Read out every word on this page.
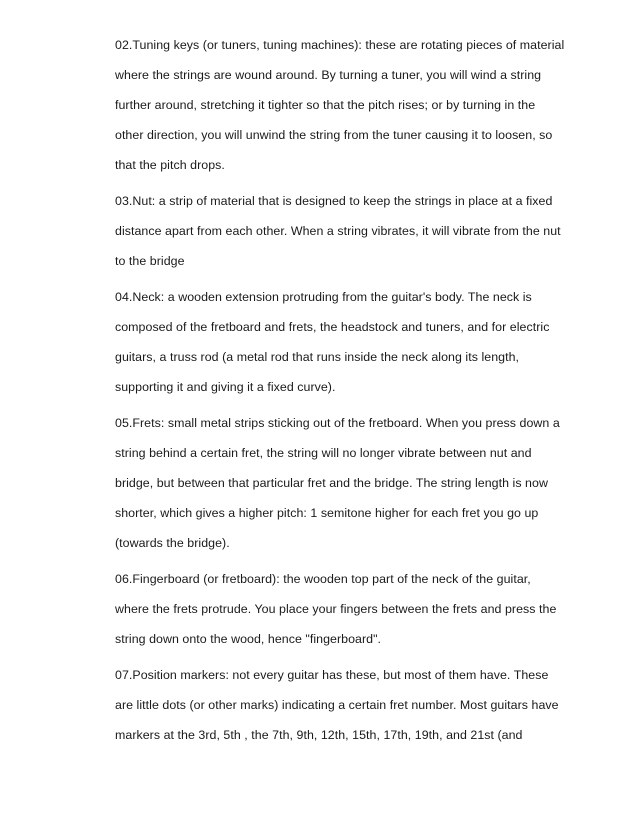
02.Tuning keys (or tuners, tuning machines): these are rotating pieces of material
where the strings are wound around. By turning a tuner, you will wind a string
further around, stretching it tighter so that the pitch rises; or by turning in the
other direction, you will unwind the string from the tuner causing it to loosen, so
that the pitch drops.
03.Nut: a strip of material that is designed to keep the strings in place at a fixed
distance apart from each other. When a string vibrates, it will vibrate from the nut
to the bridge
04.Neck: a wooden extension protruding from the guitar's body. The neck is
composed of the fretboard and frets, the headstock and tuners, and for electric
guitars, a truss rod (a metal rod that runs inside the neck along its length,
supporting it and giving it a fixed curve).
05.Frets: small metal strips sticking out of the fretboard. When you press down a
string behind a certain fret, the string will no longer vibrate between nut and
bridge, but between that particular fret and the bridge. The string length is now
shorter, which gives a higher pitch: 1 semitone higher for each fret you go up
(towards the bridge).
06.Fingerboard (or fretboard): the wooden top part of the neck of the guitar,
where the frets protrude. You place your fingers between the frets and press the
string down onto the wood, hence "fingerboard".
07.Position markers: not every guitar has these, but most of them have. These
are little dots (or other marks) indicating a certain fret number. Most guitars have
markers at the 3rd, 5th , the 7th, 9th, 12th, 15th, 17th, 19th, and 21st (and
